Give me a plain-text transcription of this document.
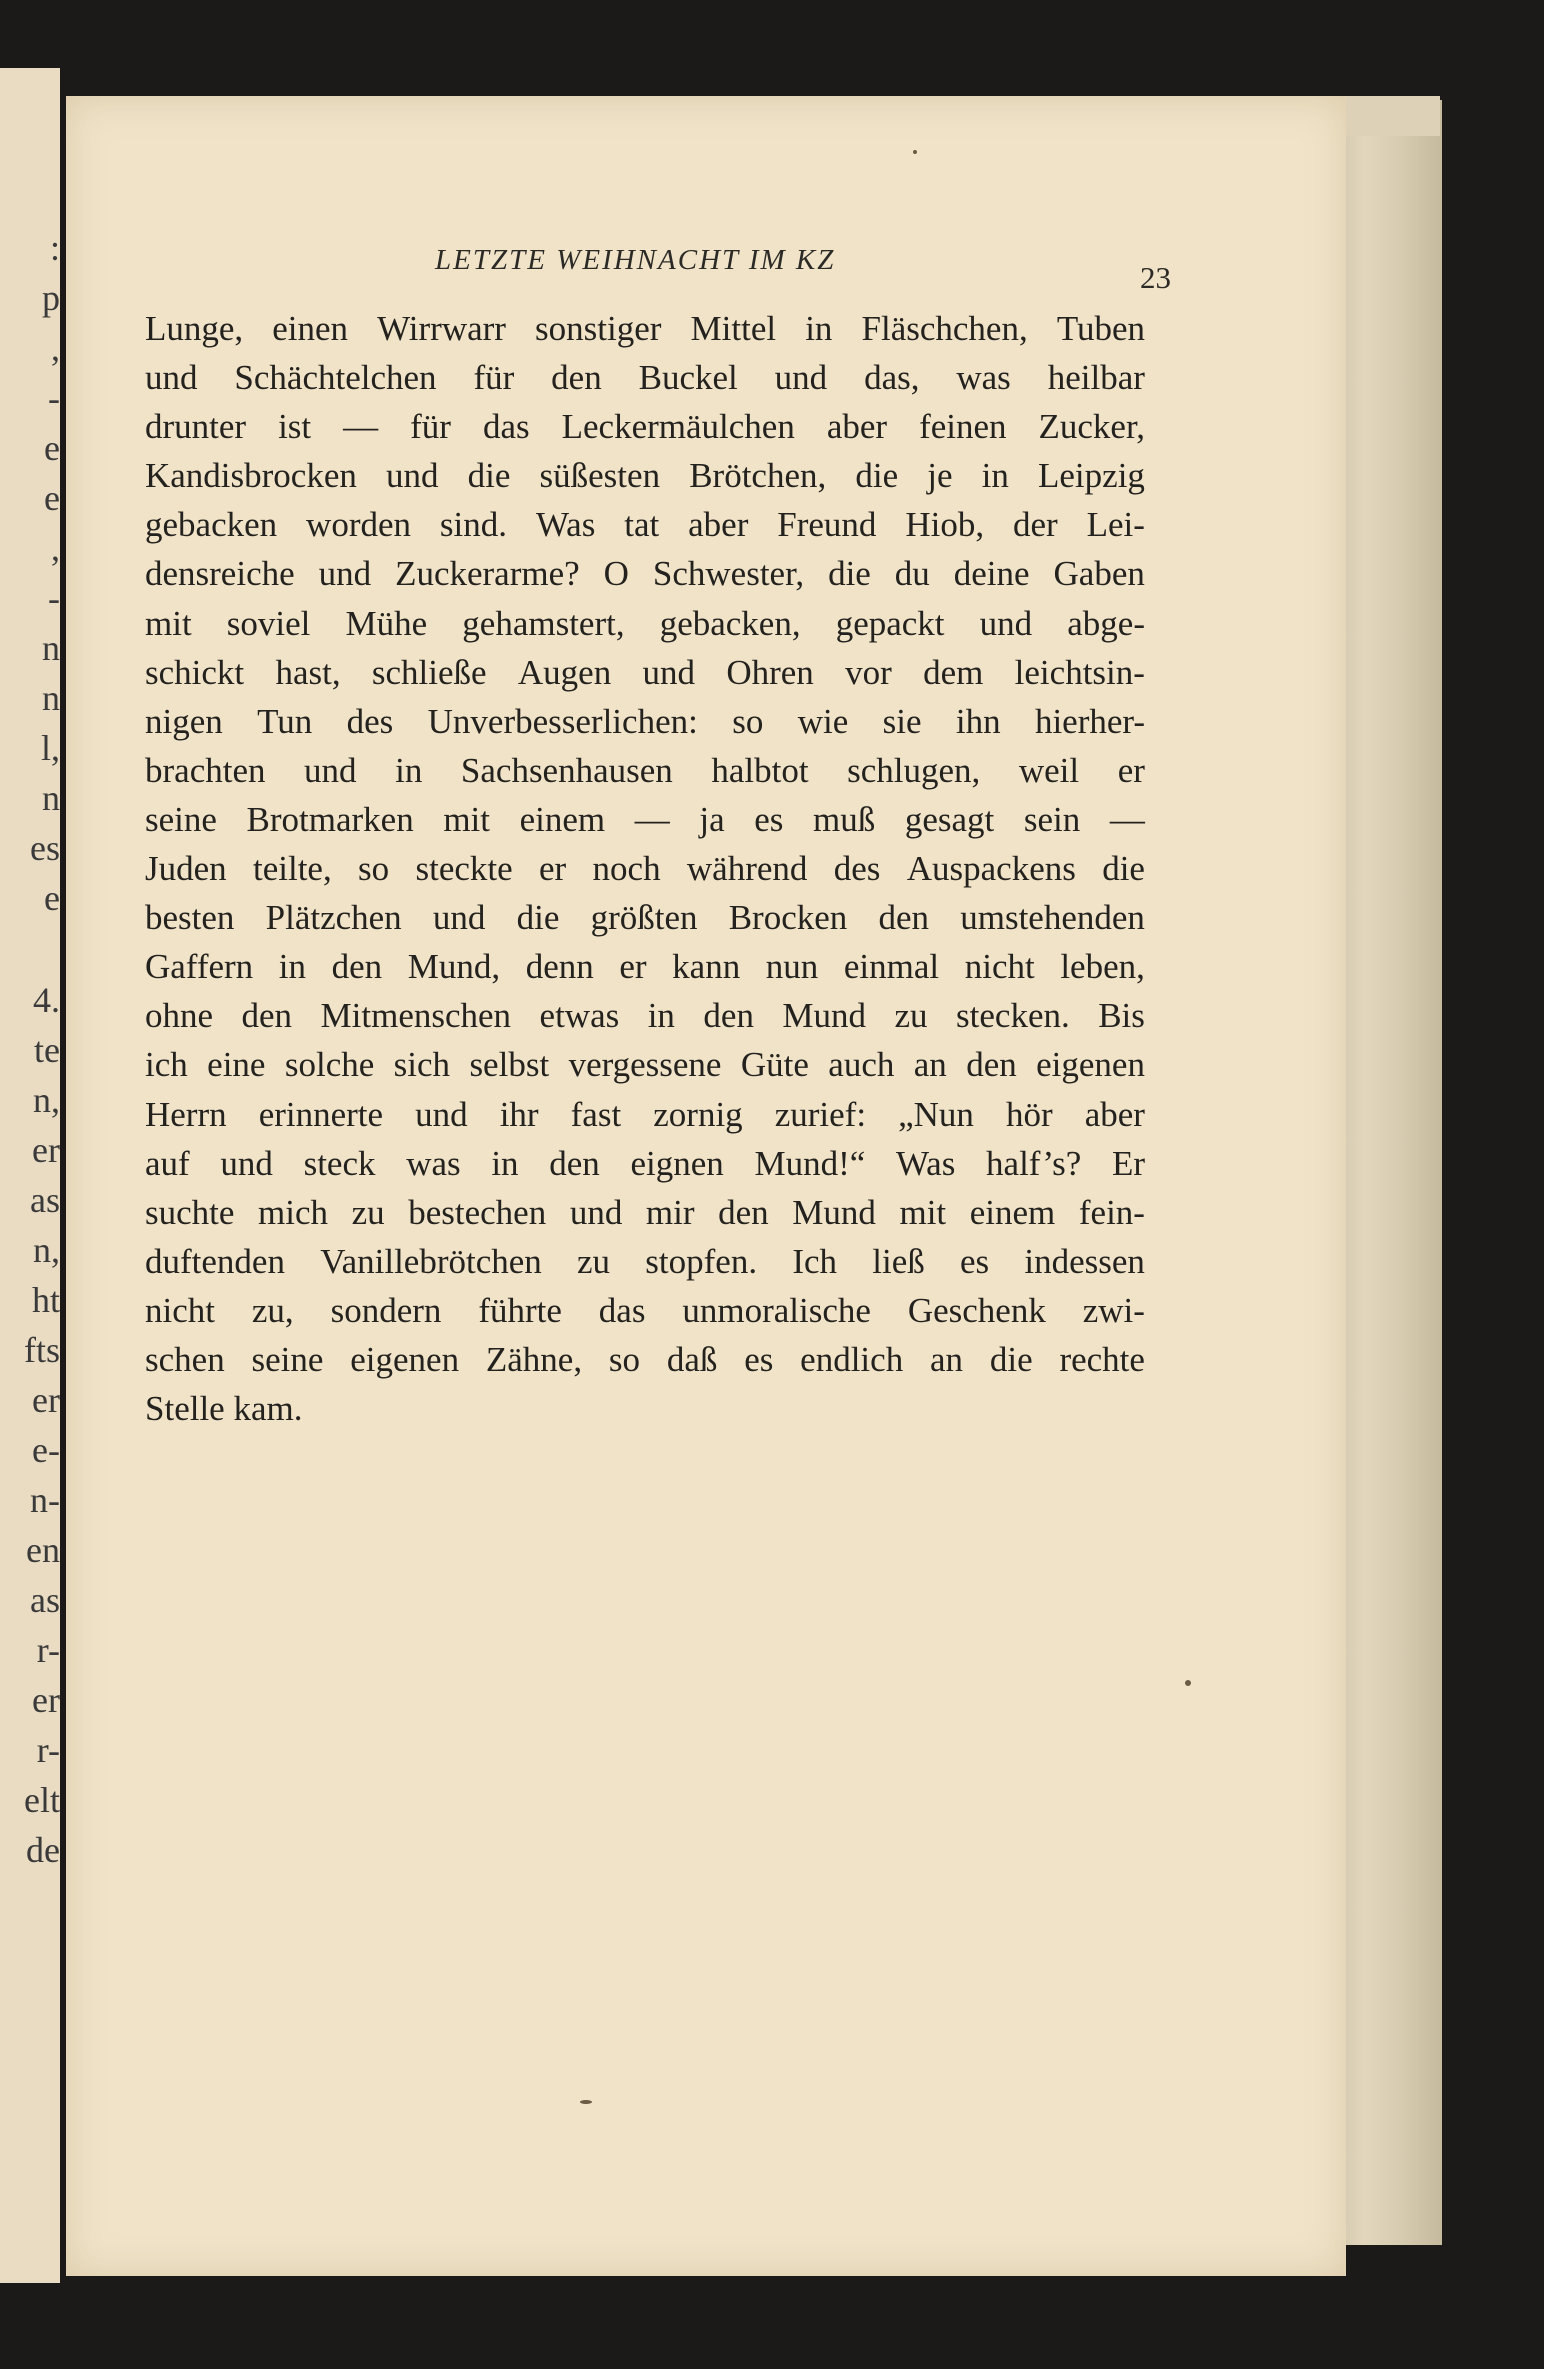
:
p
,
-
e
e
,
-
n
n
l,
n
es
e
4.
te
n,
er
as
n,
ht
fts
er
e-
n-
en
as
r-
er
r-
elt
de
LETZTE WEIHNACHT IM KZ	23
Lunge, einen Wirrwarr sonstiger Mittel in Fläschchen, Tuben
und Schächtelchen für den Buckel und das, was heilbar
drunter ist — für das Leckermäulchen aber feinen Zucker,
Kandisbrocken und die süßesten Brötchen, die je in Leipzig
gebacken worden sind. Was tat aber Freund Hiob, der Lei-
densreiche und Zuckerarme? O Schwester, die du deine Gaben
mit soviel Mühe gehamstert, gebacken, gepackt und abge-
schickt hast, schließe Augen und Ohren vor dem leichtsin-
nigen Tun des Unverbesserlichen: so wie sie ihn hierher-
brachten und in Sachsenhausen halbtot schlugen, weil er
seine Brotmarken mit einem — ja es muß gesagt sein —
Juden teilte, so steckte er noch während des Auspackens die
besten Plätzchen und die größten Brocken den umstehenden
Gaffern in den Mund, denn er kann nun einmal nicht leben,
ohne den Mitmenschen etwas in den Mund zu stecken. Bis
ich eine solche sich selbst vergessene Güte auch an den eigenen
Herrn erinnerte und ihr fast zornig zurief: „Nun hör aber
auf und steck was in den eignen Mund!“ Was half’s? Er
suchte mich zu bestechen und mir den Mund mit einem fein-
duftenden Vanillebrötchen zu stopfen. Ich ließ es indessen
nicht zu, sondern führte das unmoralische Geschenk zwi-
schen seine eigenen Zähne, so daß es endlich an die rechte
Stelle kam.
